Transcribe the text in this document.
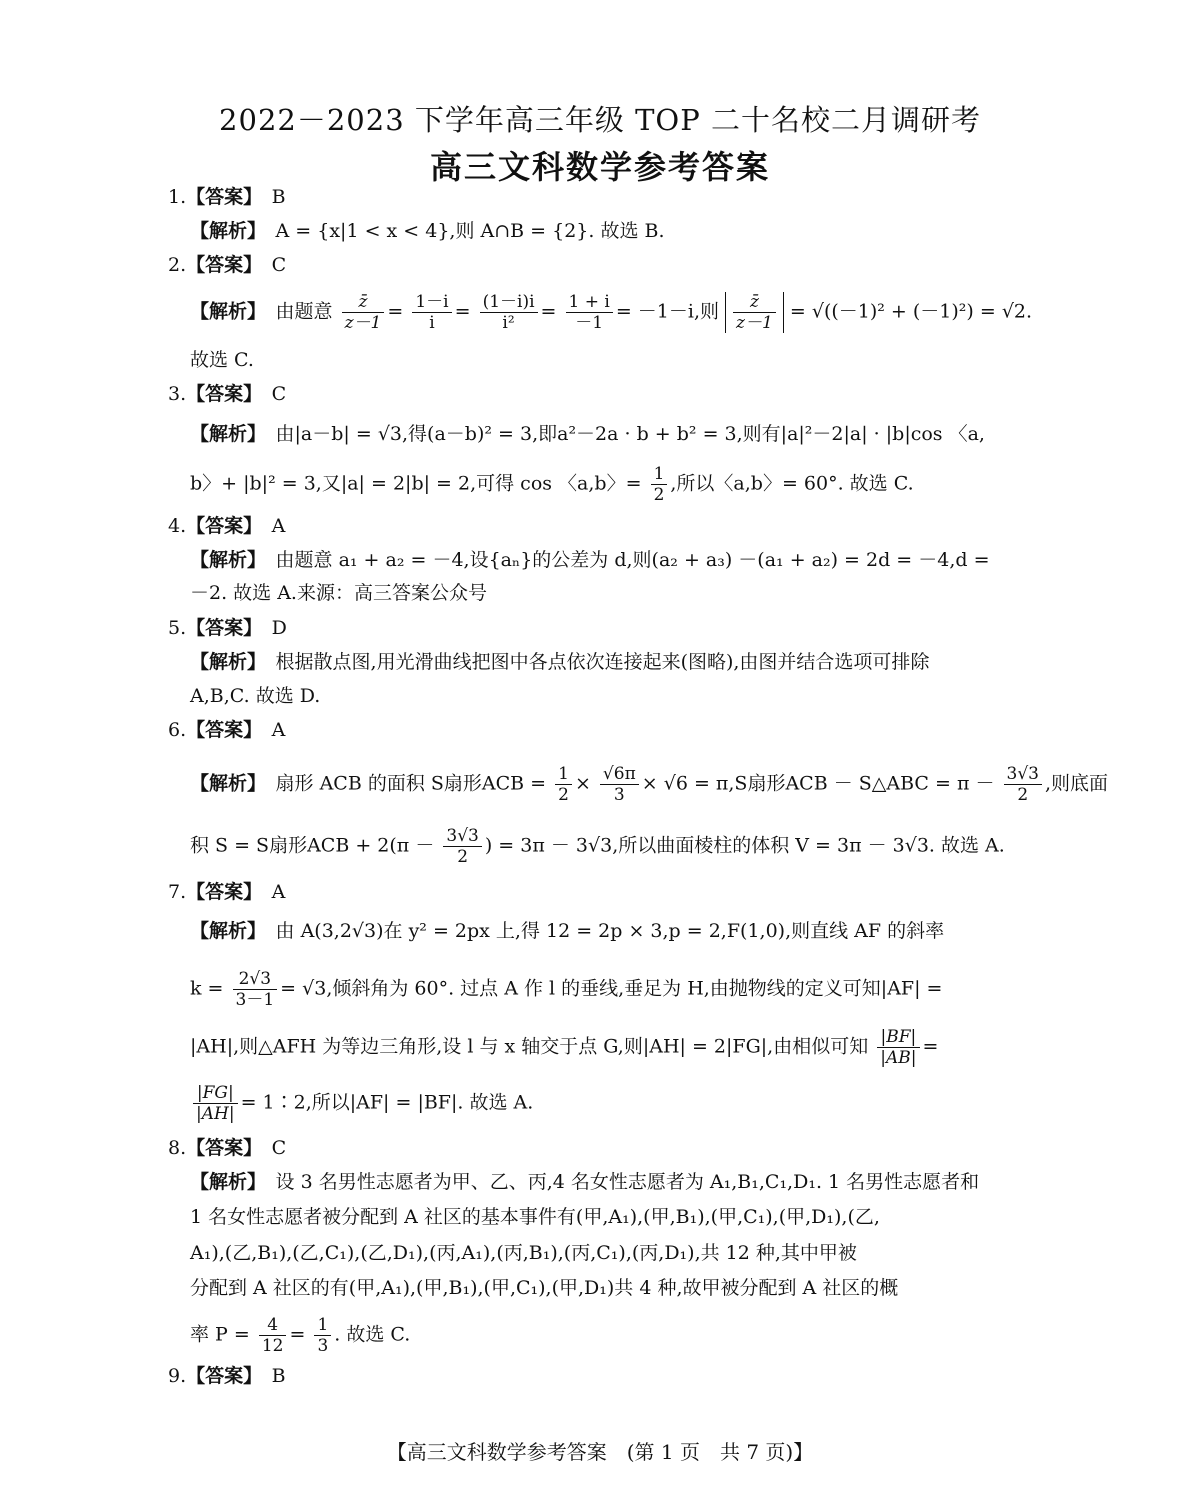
2022－2023 下学年高三年级 TOP 二十名校二月调研考
高三文科数学参考答案
1.【答案】　 B
【解析】　 A = {x|1 < x < 4},则 A∩B = {2}. 故选 B.
2.【答案】　 C
【解析】　 由题意 $\frac{z̄}{z-1} = \frac{1-i}{i} = \frac{(1-i)i}{\text{i²}} = \frac{1 + i}{-1} = -1-i$,则 $\frac{z̄}{z-1} = √((-1)^2 + (-1)^2) = √2$.
故选 C.
3.【答案】　 C
【解析】　 由|a－b| = √3,得(a－b)² = 3,即a²－2a · b + b² = 3,则有|a|²－2|a| · |b|cos 〈a,
b〉+ |b|² = 3,又|a| = 2|b| = 2,可得 cos 〈a,b〉= $\frac{1}{2}$ ,所以〈a,b〉= 60°. 故选 C.
4.【答案】　 A
【解析】　 由题意 a₁ + a₂ = －4,设{aₙ}的公差为 d,则(a₂ + a₃) －(a₁ + a₂) = 2d = －4,d =
－2. 故选 A.来源：高三答案公众号
5.【答案】　 D
【解析】　 根据散点图,用光滑曲线把图中各点依次连接起来(图略),由图并结合选项可排除
A,B,C. 故选 D.
6.【答案】　 A
【解析】　 扇形 ACB 的面积 S扇形ACB = $\frac{1}{2} \times \frac{√6\pi}{3} \times √6 = \pi,S$扇形ACB － S△ABC = $\pi - \frac{3√3}{2}$ ,则底面
积 S = S扇形ACB + $2(\pi - \frac{3√3}{2}$ ) = 3π － 3√3,所以曲面棱柱的体积 V = 3π － 3√3. 故选 A.
7.【答案】　 A
【解析】　 由 A(3,2√3)在 y² = 2px 上,得 12 = 2p × 3,p = 2,F(1,0),则直线 AF 的斜率
$k = \frac{2√3}{3-1} = √3$,倾斜角为 60°. 过点 A 作 l 的垂线,垂足为 H,由抛物线的定义可知|AF| =
|AH|,则△AFH 为等边三角形,设 l 与 x 轴交于点 G,则|AH| = 2|FG|,由相似可知 $\frac{|BF|}{|AB|}$ =
$\frac{|FG|}{|AH|}$ = 1∶2,所以|AF| = |BF|. 故选 A.
8.【答案】　 C
【解析】　 设 3 名男性志愿者为甲、乙、丙,4 名女性志愿者为 A₁,B₁,C₁,D₁. 1 名男性志愿者和
1 名女性志愿者被分配到 A 社区的基本事件有(甲,A₁),(甲,B₁),(甲,C₁),(甲,D₁),(乙,
A₁),(乙,B₁),(乙,C₁),(乙,D₁),(丙,A₁),(丙,B₁),(丙,C₁),(丙,D₁),共 12 种,其中甲被
分配到 A 社区的有(甲,A₁),(甲,B₁),(甲,C₁),(甲,D₁)共 4 种,故甲被分配到 A 社区的概
率 $P = \frac{4}{12} = \frac{1}{3}$ . 故选 C.
9.【答案】　 B
【高三文科数学参考答案　(第 1 页　共 7 页)】
